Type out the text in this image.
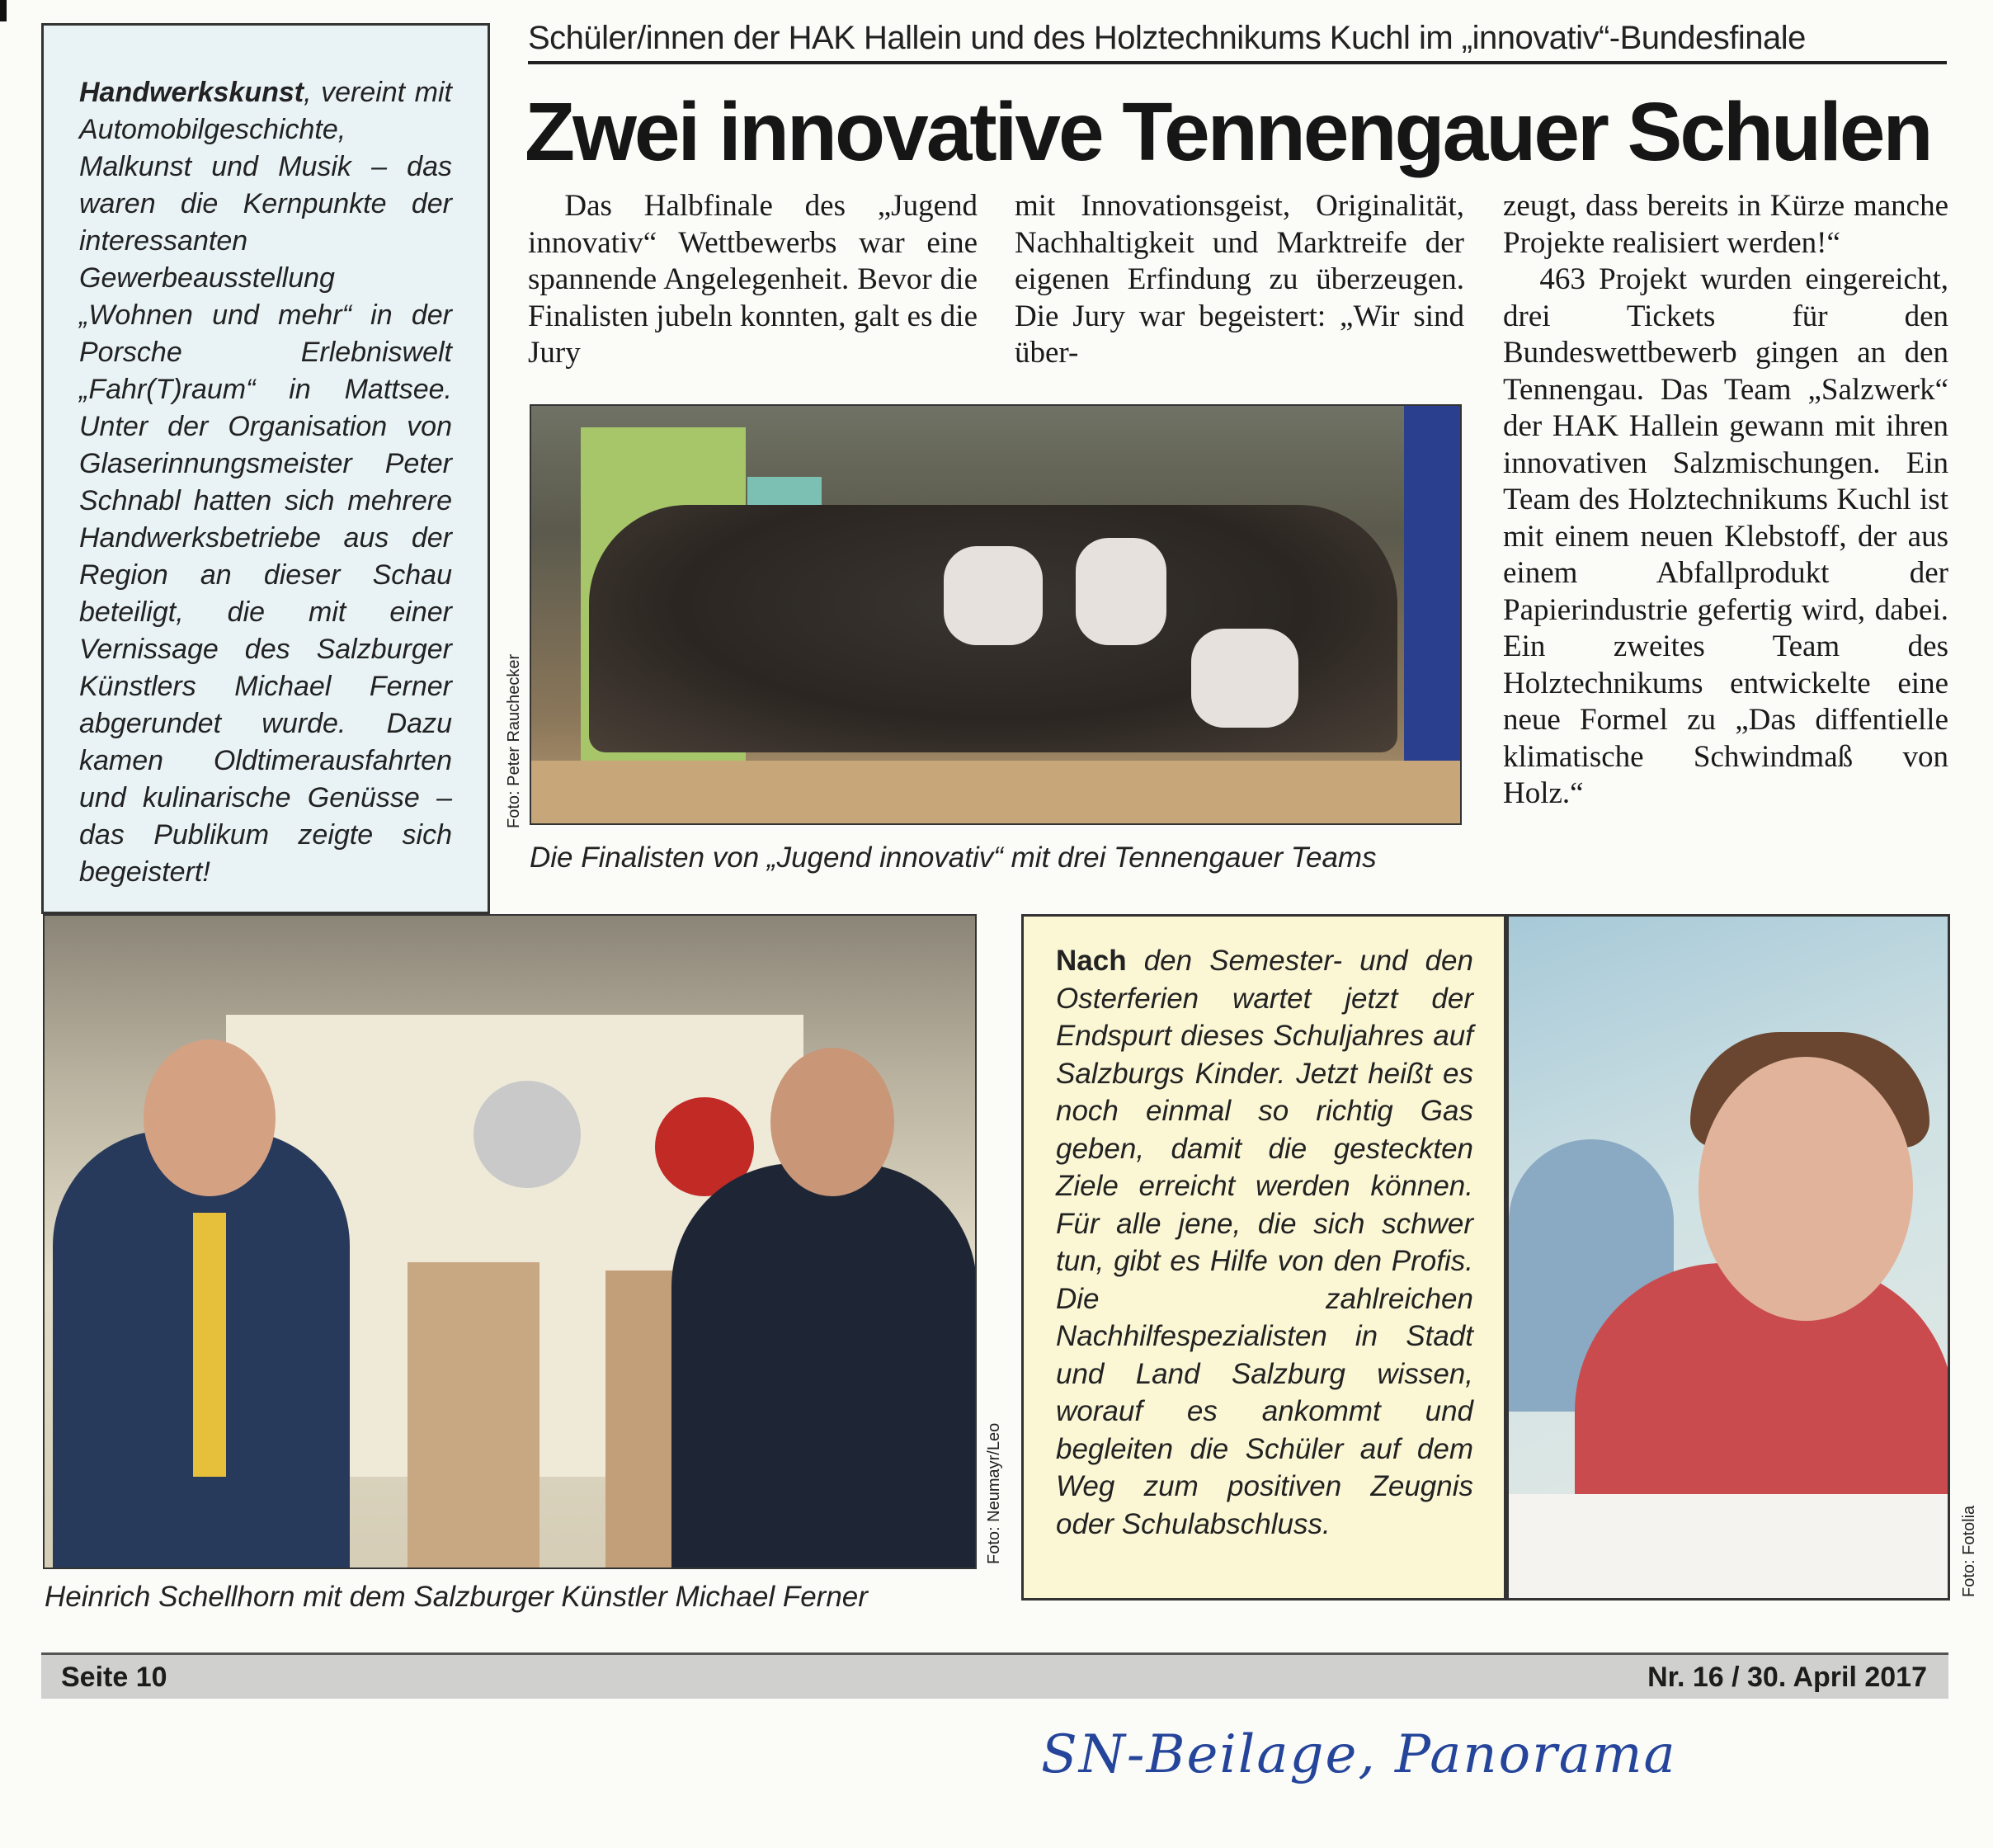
Handwerkskunst, vereint mit Automobilgeschichte, Malkunst und Musik – das waren die Kernpunkte der interessanten Gewerbeausstellung „Wohnen und mehr“ in der Porsche Erlebniswelt „Fahr(T)raum“ in Mattsee. Unter der Organisation von Glaserinnungsmeister Peter Schnabl hatten sich mehrere Handwerksbetriebe aus der Region an dieser Schau beteiligt, die mit einer Vernissage des Salzburger Künstlers Michael Ferner abgerundet wurde. Dazu kamen Oldtimerausfahrten und kulinarische Genüsse – das Publikum zeigte sich begeistert!
Schüler/innen der HAK Hallein und des Holztechnikums Kuchl im „innovativ“-Bundesfinale
Zwei innovative Tennengauer Schulen

Das Halbfinale des „Jugend innovativ“ Wettbewerbs war eine spannende Angelegenheit. Bevor die Finalisten jubeln konnten, galt es die Jury

mit Innovationsgeist, Originalität, Nachhaltigkeit und Marktreife der eigenen Erfindung zu überzeugen. Die Jury war begeistert: „Wir sind über-

zeugt, dass bereits in Kürze manche Projekte realisiert werden!“

463 Projekt wurden eingereicht, drei Tickets für den Bundeswettbewerb gingen an den Tennengau. Das Team „Salzwerk“ der HAK Hallein gewann mit ihren innovativen Salzmischungen. Ein Team des Holztechnikums Kuchl ist mit einem neuen Klebstoff, der aus einem Abfallprodukt der Papierindustrie gefertig wird, dabei. Ein zweites Team des Holztechnikums entwickelte eine neue Formel zu „Das diffentielle klimatische Schwindmaß von Holz.“

Foto: Peter Rauchecker
Die Finalisten von „Jugend innovativ“ mit drei Tennengauer Teams
Foto: Neumayr/Leo
Heinrich Schellhorn mit dem Salzburger Künstler Michael Ferner
Nach den Semester- und den Osterferien wartet jetzt der Endspurt dieses Schuljahres auf Salzburgs Kinder. Jetzt heißt es noch einmal so richtig Gas geben, damit die gesteckten Ziele erreicht werden können. Für alle jene, die sich schwer tun, gibt es Hilfe von den Profis. Die zahlreichen Nachhilfespezialisten in Stadt und Land Salzburg wissen, worauf es ankommt und begleiten die Schüler auf dem Weg zum positiven Zeugnis oder Schulabschluss.	Foto: Fotolia
Seite 10	Nr. 16 / 30. April 2017
SN-Beilage, Panorama
